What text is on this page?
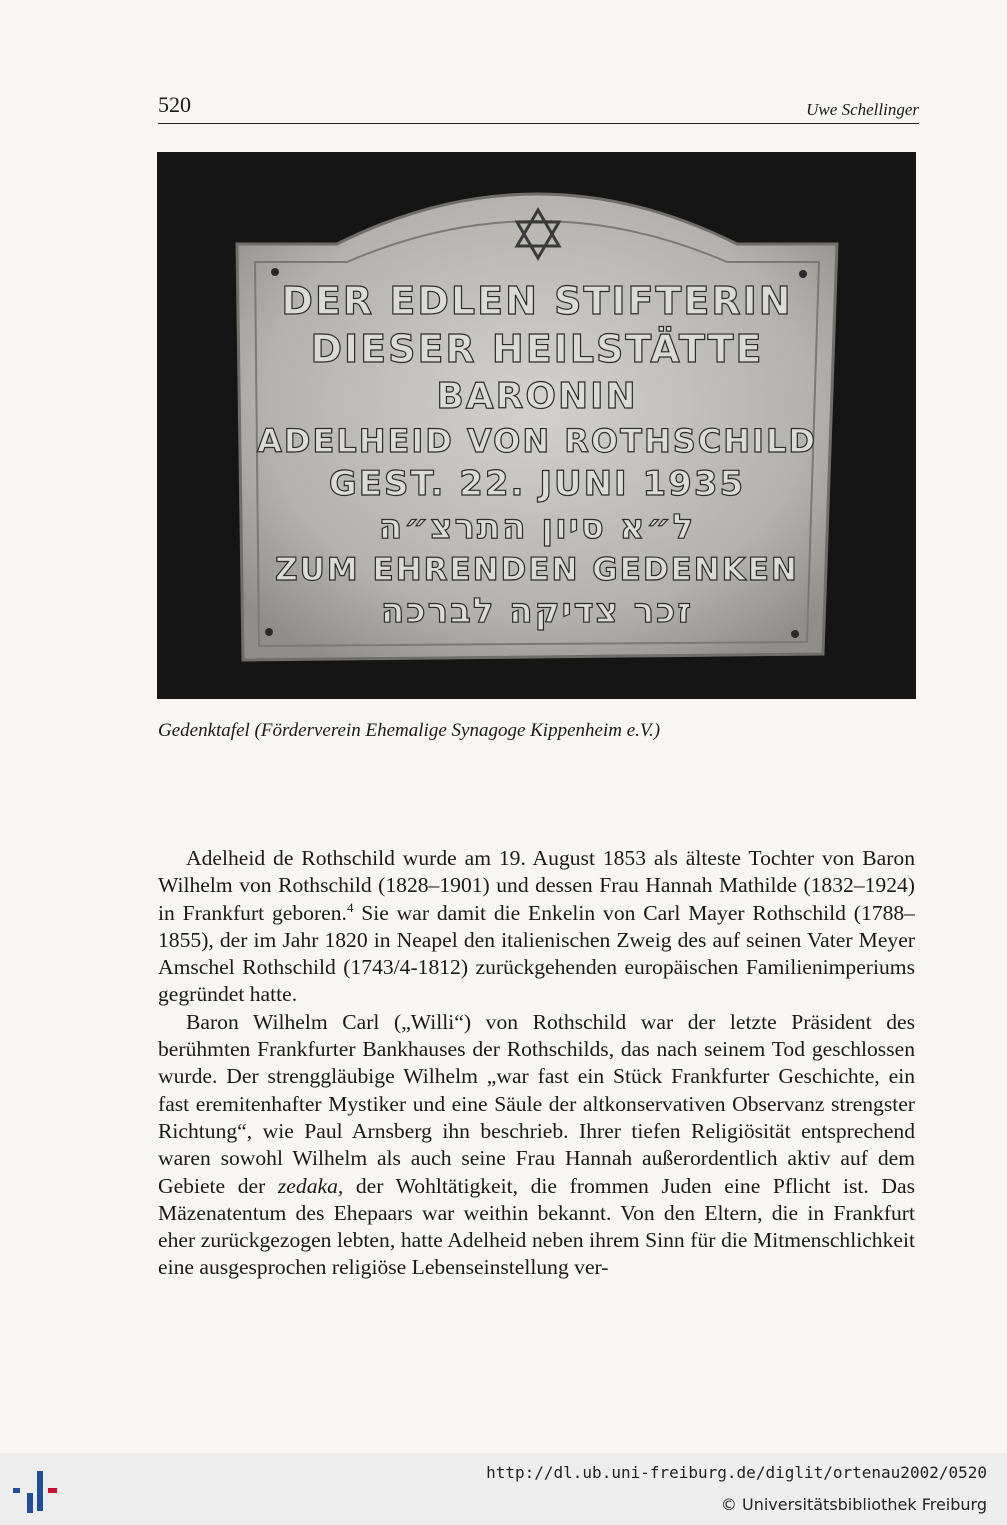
520	Uwe Schellinger
DER EDLEN STIFTERIN
DIESER HEILSTÄTTE
BARONIN
ADELHEID VON ROTHSCHILD
GEST. 22. JUNI 1935
ל״א סיון התרצ״ה
ZUM EHRENDEN GEDENKEN
זכר צדיקה לברכה
Gedenktafel (Förderverein Ehemalige Synagoge Kippenheim e.V.)

Adelheid de Rothschild wurde am 19. August 1853 als älteste Tochter von Baron Wilhelm von Rothschild (1828–1901) und dessen Frau Hannah Mathilde (1832–1924) in Frankfurt geboren.$^4$ Sie war damit die Enkelin von Carl Mayer Rothschild (1788–1855), der im Jahr 1820 in Neapel den italienischen Zweig des auf seinen Vater Meyer Amschel Rothschild (1743/4-1812) zurückgehenden europäischen Familienimperiums gegründet hatte.

Baron Wilhelm Carl („Willi“) von Rothschild war der letzte Präsident des berühmten Frankfurter Bankhauses der Rothschilds, das nach seinem Tod geschlossen wurde. Der strenggläubige Wilhelm „war fast ein Stück Frankfurter Geschichte, ein fast eremitenhafter Mystiker und eine Säule der altkonservativen Observanz strengster Richtung“, wie Paul Arnsberg ihn beschrieb. Ihrer tiefen Religiösität entsprechend waren sowohl Wilhelm als auch seine Frau Hannah außerordentlich aktiv auf dem Gebiete der zedaka, der Wohltätigkeit, die frommen Juden eine Pflicht ist. Das Mäzenatentum des Ehepaars war weithin bekannt. Von den Eltern, die in Frankfurt eher zurückgezogen lebten, hatte Adelheid neben ihrem Sinn für die Mitmenschlichkeit eine ausgesprochen religiöse Lebenseinstellung ver-

http://dl.ub.uni-freiburg.de/diglit/ortenau2002/0520
© Universitätsbibliothek Freiburg
